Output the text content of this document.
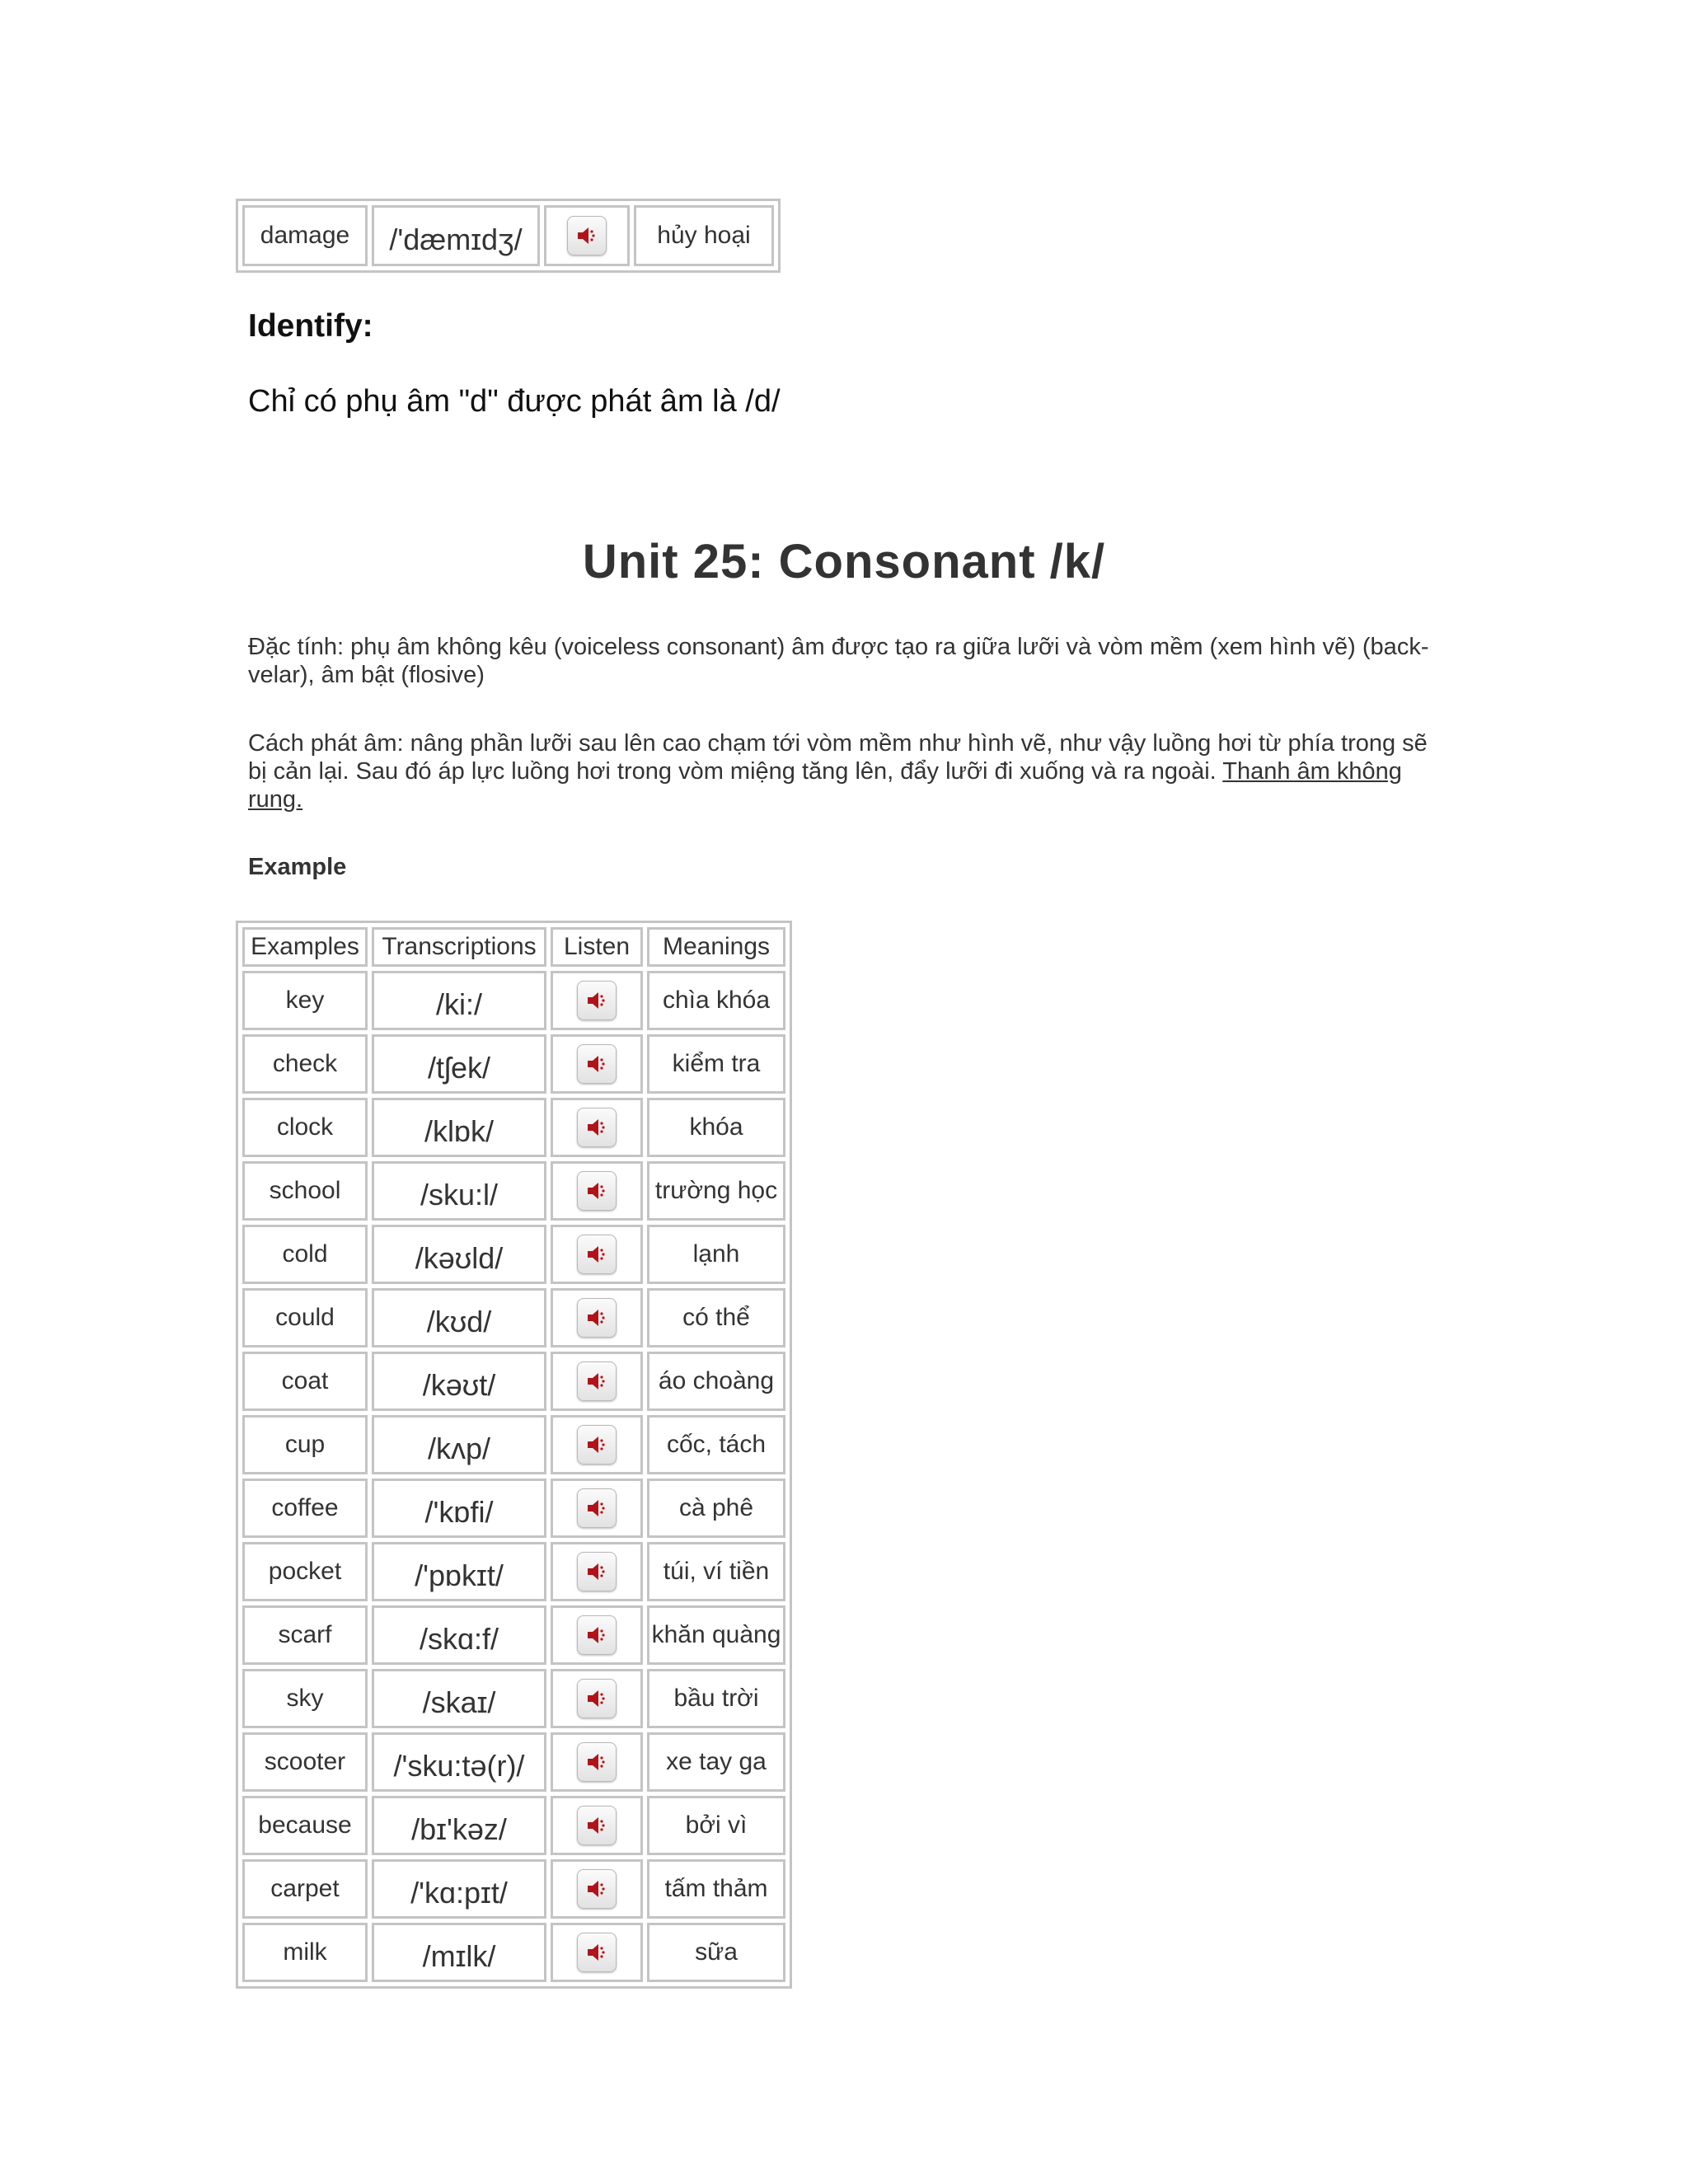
damage	/'dæmɪdʒ/		hủy hoại
Identify:

Chỉ có phụ âm "d" được phát âm là /d/

Unit 25: Consonant /k/

Đặc tính: phụ âm không kêu (voiceless consonant) âm được tạo ra giữa lưỡi và vòm mềm (xem hình vẽ) (back-velar), âm bật (flosive)

Cách phát âm: nâng phần lưỡi sau lên cao chạm tới vòm mềm như hình vẽ, như vậy luồng hơi từ phía trong sẽ bị cản lại. Sau đó áp lực luồng hơi trong vòm miệng tăng lên, đẩy lưỡi đi xuống và ra ngoài. Thanh âm không rung.

Example

Examples	Transcriptions	Listen	Meanings
key	/ki:/		chìa khóa
check	/tʃek/		kiểm tra
clock	/klɒk/		khóa
school	/sku:l/		trường học
cold	/kəʊld/		lạnh
could	/kʊd/		có thể
coat	/kəʊt/		áo choàng
cup	/kʌp/		cốc, tách
coffee	/'kɒfi/		cà phê
pocket	/'pɒkɪt/		túi, ví tiền
scarf	/skɑ:f/		khăn quàng
sky	/skaɪ/		bầu trời
scooter	/'sku:tə(r)/		xe tay ga
because	/bɪ'kəz/		bởi vì
carpet	/'kɑ:pɪt/		tấm thảm
milk	/mɪlk/		sữa
